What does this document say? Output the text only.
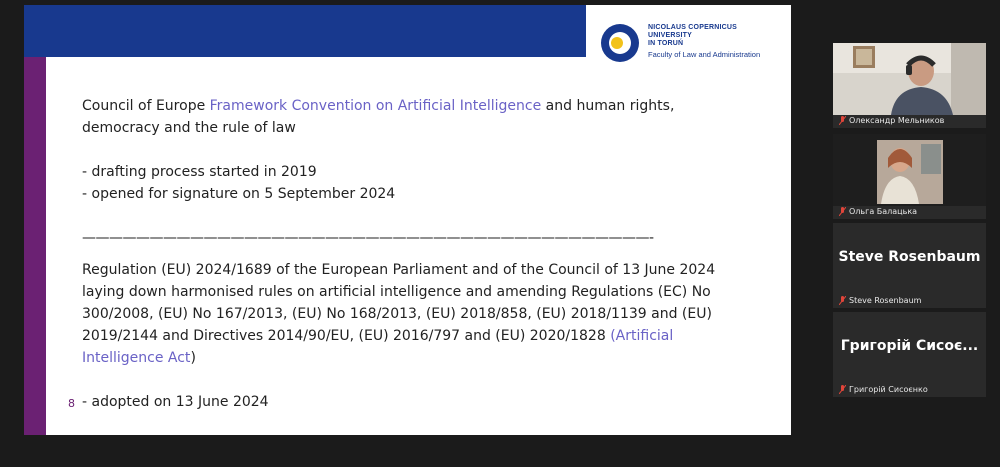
NICOLAUS COPERNICUS
UNIVERSITY
IN TORUŃ
Faculty of Law and Administration

Council of Europe Framework Convention on Artificial Intelligence and human rights,

democracy and the rule of law

- drafting process started in 2019

- opened for signature on 5 September 2024

——————————————————————————————————————————-

Regulation (EU) 2024/1689 of the European Parliament and of the Council of 13 June 2024

laying down harmonised rules on artificial intelligence and amending Regulations (EC) No

300/2008, (EU) No 167/2013, (EU) No 168/2013, (EU) 2018/858, (EU) 2018/1139 and (EU)

2019/2144 and Directives 2014/90/EU, (EU) 2016/797 and (EU) 2020/1828 (Artificial

Intelligence Act)

- adopted on 13 June 2024

8
Олександр Мельников
Ольга Балацька
Steve Rosenbaum
Steve Rosenbaum
Григорій Сисоє...
Григорій Сисоєнко
